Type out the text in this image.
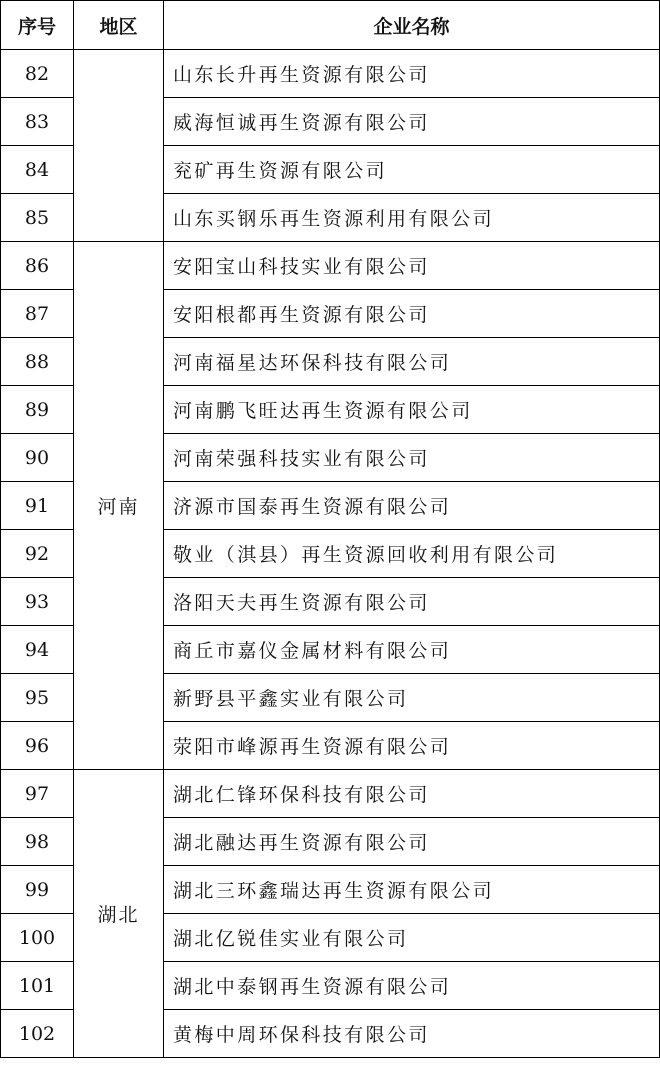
序号	地区	企业名称
82		山东长升再生资源有限公司
83		威海恒诚再生资源有限公司
84		兖矿再生资源有限公司
85		山东买钢乐再生资源利用有限公司
86	河南	安阳宝山科技实业有限公司
87		安阳根都再生资源有限公司
88		河南福星达环保科技有限公司
89		河南鹏飞旺达再生资源有限公司
90		河南荣强科技实业有限公司
91		济源市国泰再生资源有限公司
92		敬业（淇县）再生资源回收利用有限公司
93		洛阳天夫再生资源有限公司
94		商丘市嘉仪金属材料有限公司
95		新野县平鑫实业有限公司
96		荥阳市峰源再生资源有限公司
97	湖北	湖北仁锋环保科技有限公司
98		湖北融达再生资源有限公司
99		湖北三环鑫瑞达再生资源有限公司
100		湖北亿锐佳实业有限公司
101		湖北中泰钢再生资源有限公司
102		黄梅中周环保科技有限公司
